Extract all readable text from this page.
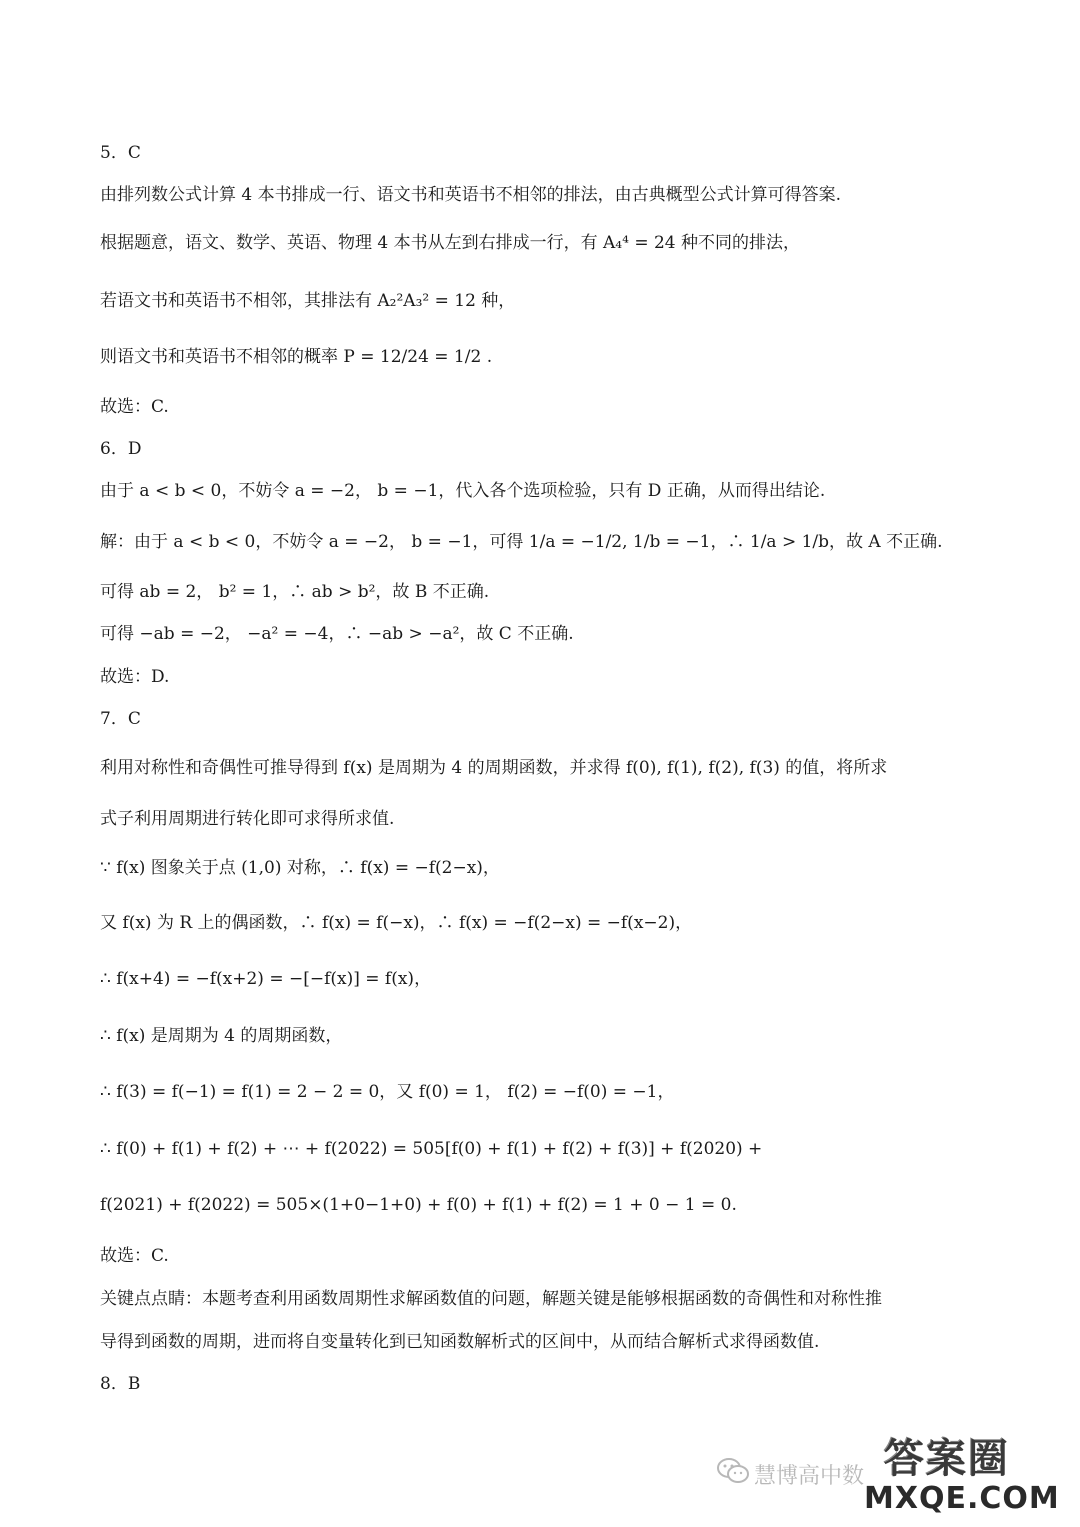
5．C
由排列数公式计算 4 本书排成一行、语文书和英语书不相邻的排法，由古典概型公式计算可得答案.
根据题意，语文、数学、英语、物理 4 本书从左到右排成一行，有 A₄⁴ = 24 种不同的排法，
若语文书和英语书不相邻，其排法有 A₂²A₃² = 12 种，
则语文书和英语书不相邻的概率 P = 12/24 = 1/2 .
故选：C.
6．D
由于 a < b < 0，不妨令 a = −2， b = −1，代入各个选项检验，只有 D 正确，从而得出结论.
解：由于 a < b < 0，不妨令 a = −2， b = −1，可得 1/a = −1/2, 1/b = −1，∴ 1/a > 1/b，故 A 不正确.
可得 ab = 2， b² = 1，∴ ab > b²，故 B 不正确.
可得 −ab = −2， −a² = −4，∴ −ab > −a²，故 C 不正确.
故选：D.
7．C
利用对称性和奇偶性可推导得到 f(x) 是周期为 4 的周期函数，并求得 f(0), f(1), f(2), f(3) 的值，将所求
式子利用周期进行转化即可求得所求值.
∵ f(x) 图象关于点 (1,0) 对称，∴ f(x) = −f(2−x)，
又 f(x) 为 R 上的偶函数，∴ f(x) = f(−x)，∴ f(x) = −f(2−x) = −f(x−2)，
∴ f(x+4) = −f(x+2) = −[−f(x)] = f(x)，
∴ f(x) 是周期为 4 的周期函数，
∴ f(3) = f(−1) = f(1) = 2 − 2 = 0，又 f(0) = 1， f(2) = −f(0) = −1，
∴ f(0) + f(1) + f(2) + ⋯ + f(2022) = 505[f(0) + f(1) + f(2) + f(3)] + f(2020) +
f(2021) + f(2022) = 505×(1+0−1+0) + f(0) + f(1) + f(2) = 1 + 0 − 1 = 0.
故选：C.
关键点点睛：本题考查利用函数周期性求解函数值的问题，解题关键是能够根据函数的奇偶性和对称性推
导得到函数的周期，进而将自变量转化到已知函数解析式的区间中，从而结合解析式求得函数值.
8．B
慧博高中数 答案圈
MXQE.COM
